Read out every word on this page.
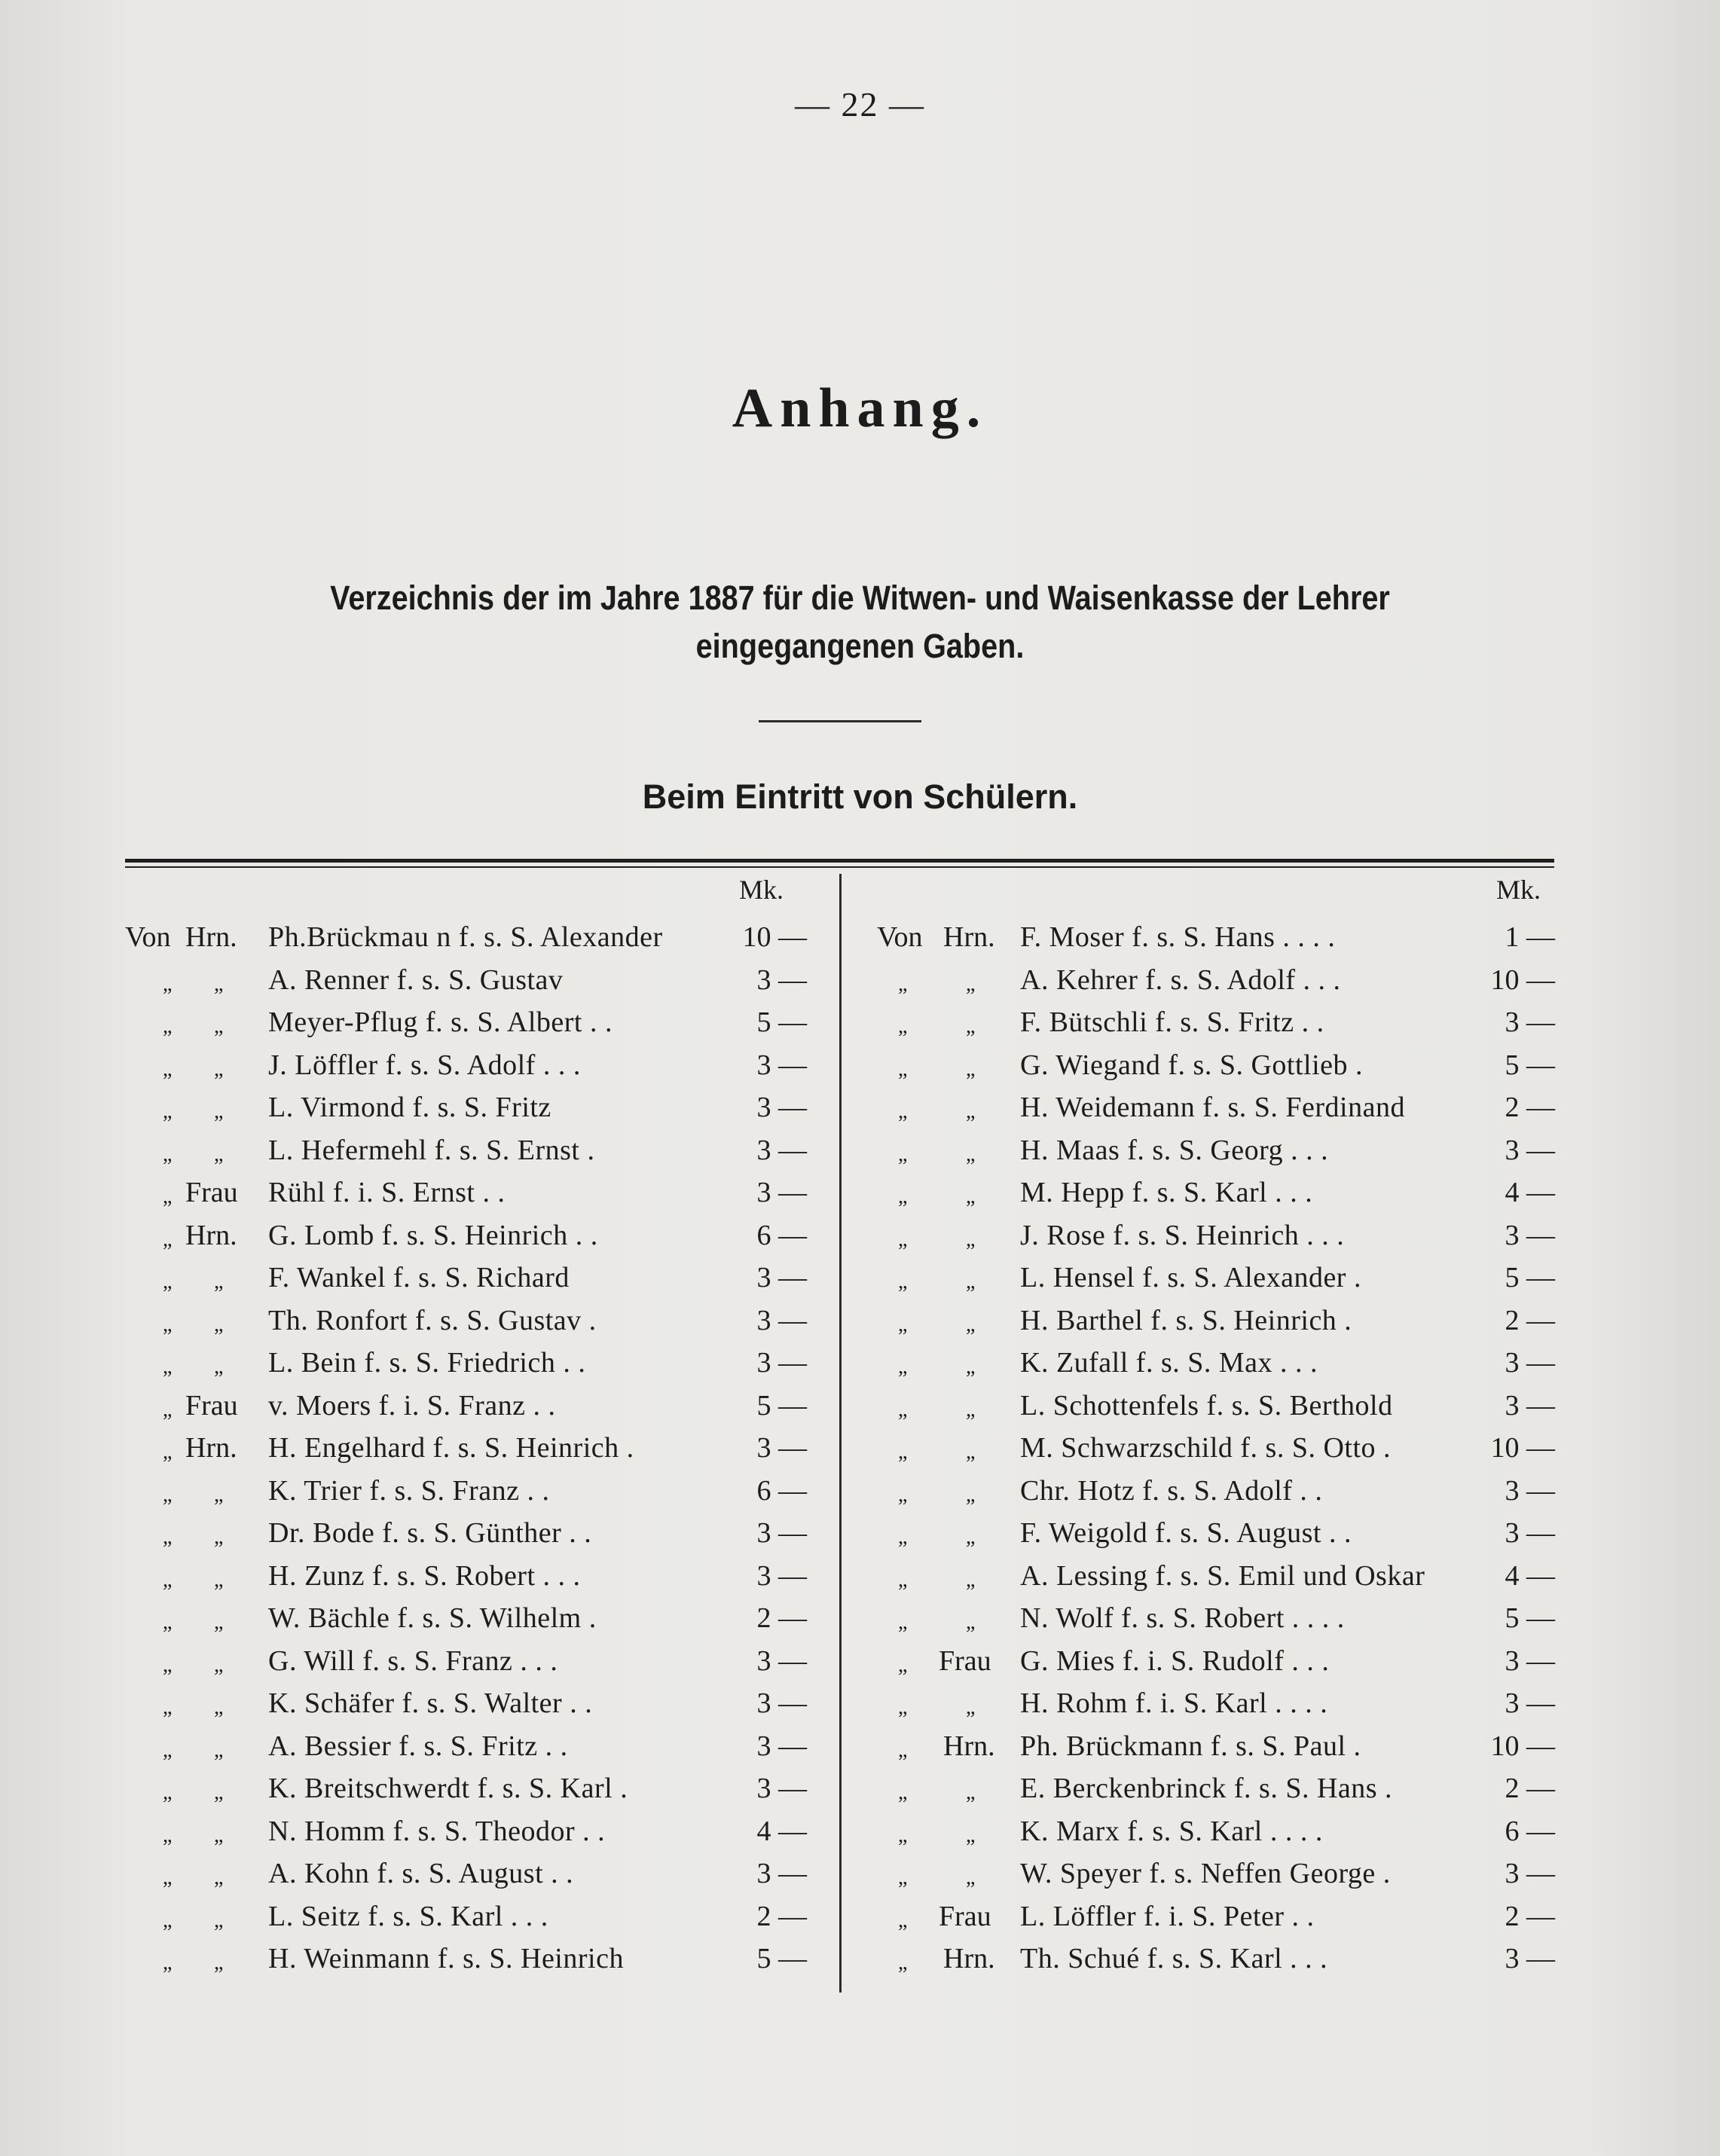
— 22 —
Anhang.
Verzeichnis der im Jahre 1887 für die Witwen- und Waisenkasse der Lehrer
eingegangenen Gaben.
Beim Eintritt von Schülern.
Mk.	Mk.
Von Hrn. Ph.Brückmau n f. s. S. Alexander	10 —
„ „ A. Renner f. s. S. Gustav	3 —
„ „ Meyer-Pflug f. s. S. Albert . .	5 —
„ „ J. Löffler f. s. S. Adolf . . .	3 —
„ „ L. Virmond f. s. S. Fritz	3 —
„ „ L. Hefermehl f. s. S. Ernst .	3 —
„ Frau Rühl f. i. S. Ernst . .	3 —
„ Hrn. G. Lomb f. s. S. Heinrich . .	6 —
„ „ F. Wankel f. s. S. Richard	3 —
„ „ Th. Ronfort f. s. S. Gustav .	3 —
„ „ L. Bein f. s. S. Friedrich . .	3 —
„ Frau v. Moers f. i. S. Franz . .	5 —
„ Hrn. H. Engelhard f. s. S. Heinrich .	3 —
„ „ K. Trier f. s. S. Franz . .	6 —
„ „ Dr. Bode f. s. S. Günther . .	3 —
„ „ H. Zunz f. s. S. Robert . . .	3 —
„ „ W. Bächle f. s. S. Wilhelm .	2 —
„ „ G. Will f. s. S. Franz . . .	3 —
„ „ K. Schäfer f. s. S. Walter . .	3 —
„ „ A. Bessier f. s. S. Fritz . .	3 —
„ „ K. Breitschwerdt f. s. S. Karl .	3 —
„ „ N. Homm f. s. S. Theodor . .	4 —
„ „ A. Kohn f. s. S. August . .	3 —
„ „ L. Seitz f. s. S. Karl . . .	2 —
„ „ H. Weinmann f. s. S. Heinrich	5 —
Von Hrn. F. Moser f. s. S. Hans . . . .	1 —
„	„ A. Kehrer f. s. S. Adolf . . .	10 —
„	„ F. Bütschli f. s. S. Fritz . .	3 —
„	„ G. Wiegand f. s. S. Gottlieb .	5 —
„	„ H. Weidemann f. s. S. Ferdinand	2 —
„	„ H. Maas f. s. S. Georg . . .	3 —
„	„ M. Hepp f. s. S. Karl . . .	4 —
„	„ J. Rose f. s. S. Heinrich . . .	3 —
„	„ L. Hensel f. s. S. Alexander .	5 —
„	„ H. Barthel f. s. S. Heinrich .	2 —
„	„ K. Zufall f. s. S. Max . . .	3 —
„	„ L. Schottenfels f. s. S. Berthold	3 —
„	„ M. Schwarzschild f. s. S. Otto .	10 —
„	„ Chr. Hotz f. s. S. Adolf . .	3 —
„	„ F. Weigold f. s. S. August . .	3 —
„	„ A. Lessing f. s. S. Emil und Oskar	4 —
„	„ N. Wolf f. s. S. Robert . . . .	5 —
„ Frau G. Mies f. i. S. Rudolf . . .	3 —
„	„ H. Rohm f. i. S. Karl . . . .	3 —
„ Hrn. Ph. Brückmann f. s. S. Paul .	10 —
„	„ E. Berckenbrinck f. s. S. Hans .	2 —
„	„ K. Marx f. s. S. Karl . . . .	6 —
„	„ W. Speyer f. s. Neffen George .	3 —
„ Frau L. Löffler f. i. S. Peter . .	2 —
„ Hrn. Th. Schué f. s. S. Karl . . .	3 —
